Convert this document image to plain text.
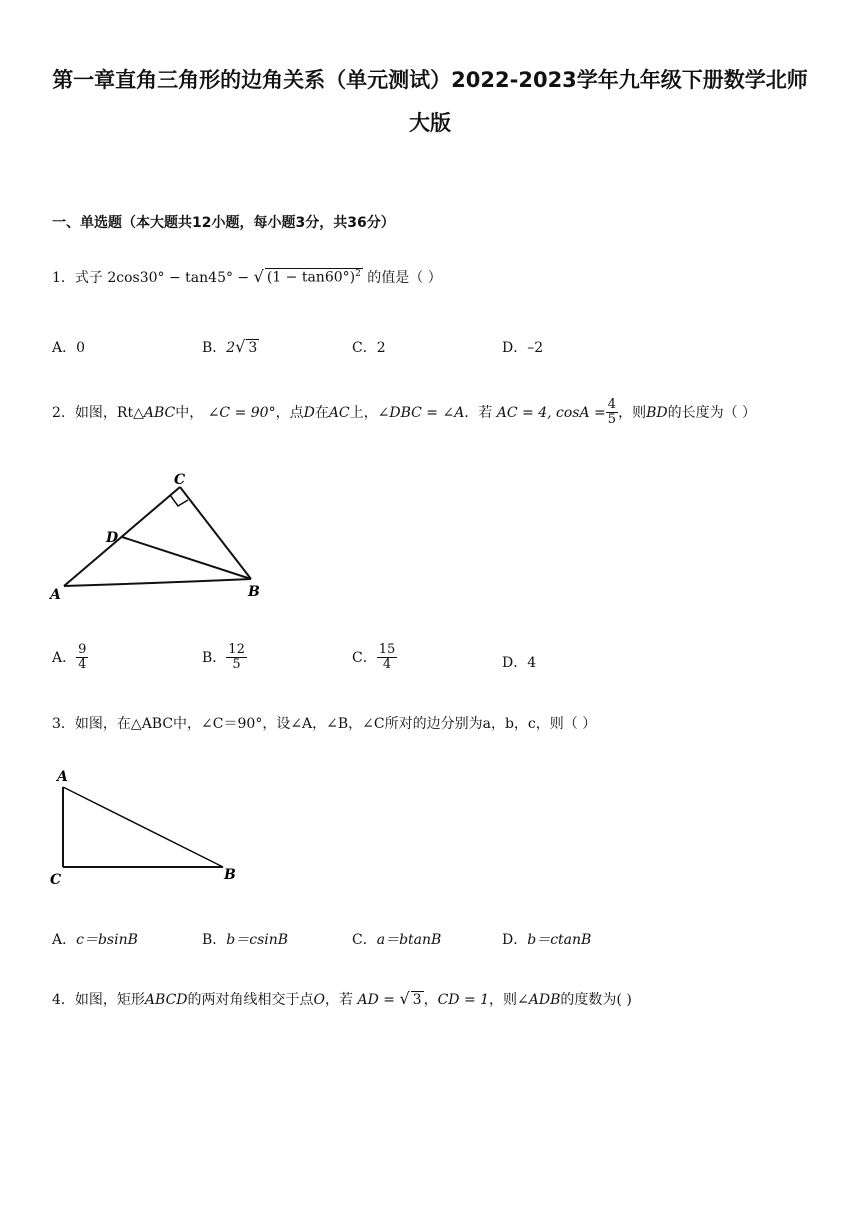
第一章直角三角形的边角关系（单元测试）2022-2023学年九年级下册数学北师
大版
一、单选题（本大题共12小题，每小题3分，共36分）
1．式子 2cos30° − tan45° − √ $(1 - \tan 60^\circ)^2$ 的值是（ ）
A．0	B．2√ 3	C．2	D．–2
2．如图，Rt△ABC中， ∠C = 90°，点D在AC上，∠DBC = ∠A．若 AC = 4, $\cos A = \frac{4}{5}$ ，则BD的长度为（ ）
C
D
A	B
A． $\frac{9}{4}$	B． $\frac{12}{5}$	C． $\frac{15}{4}$	D．4
3．如图，在△ABC中，∠C＝90°，设∠A，∠B，∠C所对的边分别为a，b，c，则（ ）
A
C	B
A．c＝bsinB	B．b＝csinB	C．a＝btanB	D．b＝ctanB
4．如图，矩形ABCD的两对角线相交于点O，若 AD = √ 3 ，CD = 1，则∠ADB的度数为( )
